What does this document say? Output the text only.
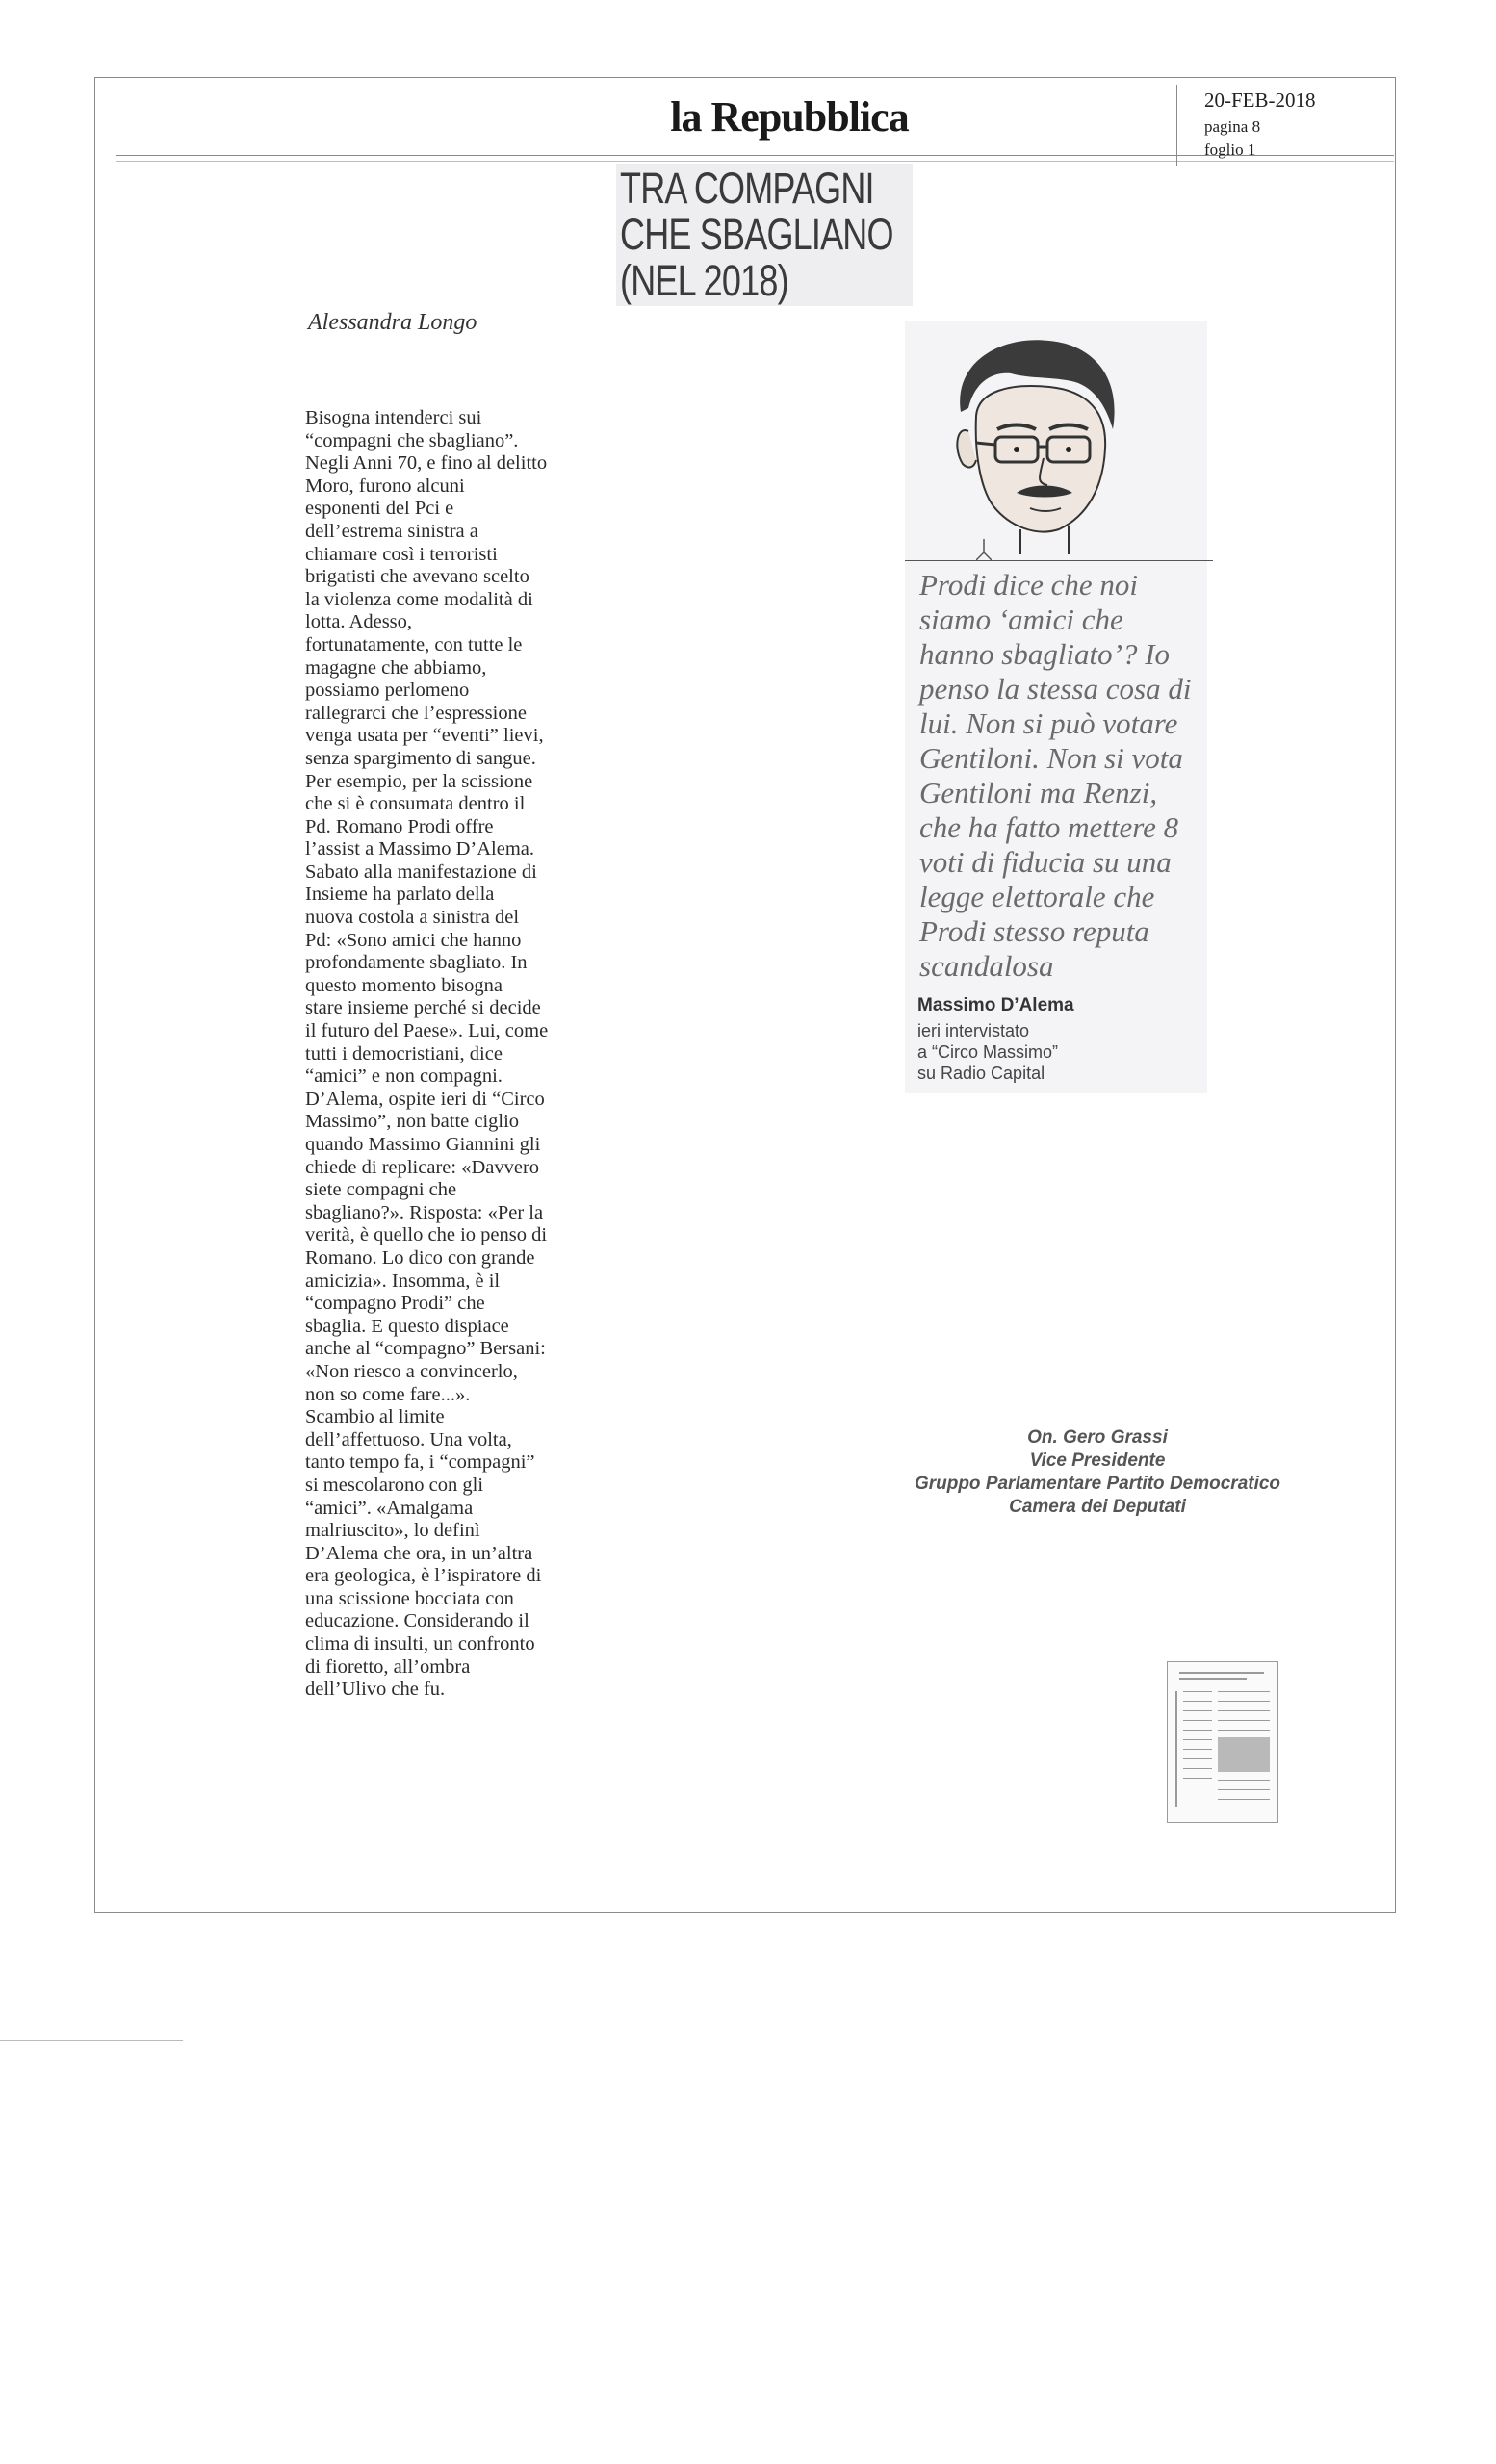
la Repubblica	20-FEB-2018
pagina 8
foglio 1
TRA COMPAGNI
CHE SBAGLIANO
(NEL 2018)
Alessandra Longo
Bisogna intenderci sui
“compagni che sbagliano”.
Negli Anni 70, e fino al delitto
Moro, furono alcuni
esponenti del Pci e
dell’estrema sinistra a
chiamare così i terroristi
brigatisti che avevano scelto
la violenza come modalità di
lotta. Adesso,
fortunatamente, con tutte le
magagne che abbiamo,
possiamo perlomeno
rallegrarci che l’espressione
venga usata per “eventi” lievi,
senza spargimento di sangue.
Per esempio, per la scissione
che si è consumata dentro il
Pd. Romano Prodi offre
l’assist a Massimo D’Alema.
Sabato alla manifestazione di
Insieme ha parlato della
nuova costola a sinistra del
Pd: «Sono amici che hanno
profondamente sbagliato. In
questo momento bisogna
stare insieme perché si decide
il futuro del Paese». Lui, come
tutti i democristiani, dice
“amici” e non compagni.
D’Alema, ospite ieri di “Circo
Massimo”, non batte ciglio
quando Massimo Giannini gli
chiede di replicare: «Davvero
siete compagni che
sbagliano?». Risposta: «Per la
verità, è quello che io penso di
Romano. Lo dico con grande
amicizia». Insomma, è il
“compagno Prodi” che
sbaglia. E questo dispiace
anche al “compagno” Bersani:
«Non riesco a convincerlo,
non so come fare...».
Scambio al limite
dell’affettuoso. Una volta,
tanto tempo fa, i “compagni”
si mescolarono con gli
“amici”. «Amalgama
malriuscito», lo definì
D’Alema che ora, in un’altra
era geologica, è l’ispiratore di
una scissione bocciata con
educazione. Considerando il
clima di insulti, un confronto
di fioretto, all’ombra
dell’Ulivo che fu.
Prodi dice che noi
siamo ‘amici che
hanno sbagliato’? Io
penso la stessa cosa di
lui. Non si può votare
Gentiloni. Non si vota
Gentiloni ma Renzi,
che ha fatto mettere 8
voti di fiducia su una
legge elettorale che
Prodi stesso reputa
scandalosa
Massimo D’Alema
ieri intervistato
a “Circo Massimo”
su Radio Capital
On. Gero Grassi
Vice Presidente
Gruppo Parlamentare Partito Democratico
Camera dei Deputati
